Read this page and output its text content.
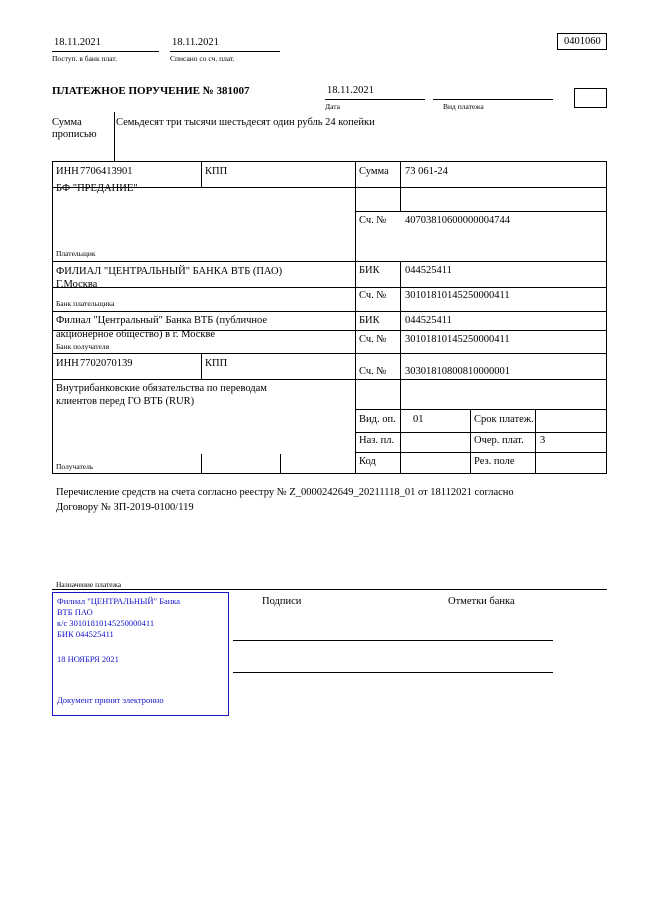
18.11.2021
Поступ. в банк плат.
18.11.2021
Списано со сч. плат.
0401060
ПЛАТЕЖНОЕ ПОРУЧЕНИЕ № 381007	18.11.2021
Дата	Вид платежа
Сумма
прописью
Семьдесят три тысячи шестьдесят один рубль 24 копейки
ИНН 7706413901	КПП
БФ "ПРЕДАНИЕ"
Плательщик
Сумма 73 061-24
Сч. № 40703810600000004744
ФИЛИАЛ "ЦЕНТРАЛЬНЫЙ" БАНКА ВТБ (ПАО)
Г.Москва
Банк плательщика
БИК 044525411
Сч. № 30101810145250000411
Филиал "Центральный" Банка ВТБ (публичное
акционерное общество) в г. Москве
Банк получателя
БИК 044525411
Сч. № 30101810145250000411
ИНН 7702070139	КПП
Внутрибанковские обязательства по переводам
клиентов перед ГО ВТБ (RUR)
Получатель
Сч. № 30301810800810000001
Вид. оп. 01	Срок платеж.
Наз. пл.	Очер. плат. 3
Код	Рез. поле
Перечисление средств на счета согласно реестру № Z_0000242649_20211118_01 от 18112021 согласно
Договору № ЗП-2019-0100/119
Назначение платежа
Подписи	Отметки банка
Филиал "ЦЕНТРАЛЬНЫЙ" Банка
ВТБ ПАО
к/с 30101810145250000411
БИК 044525411
18 НОЯБРЯ 2021
Документ принят электронно
